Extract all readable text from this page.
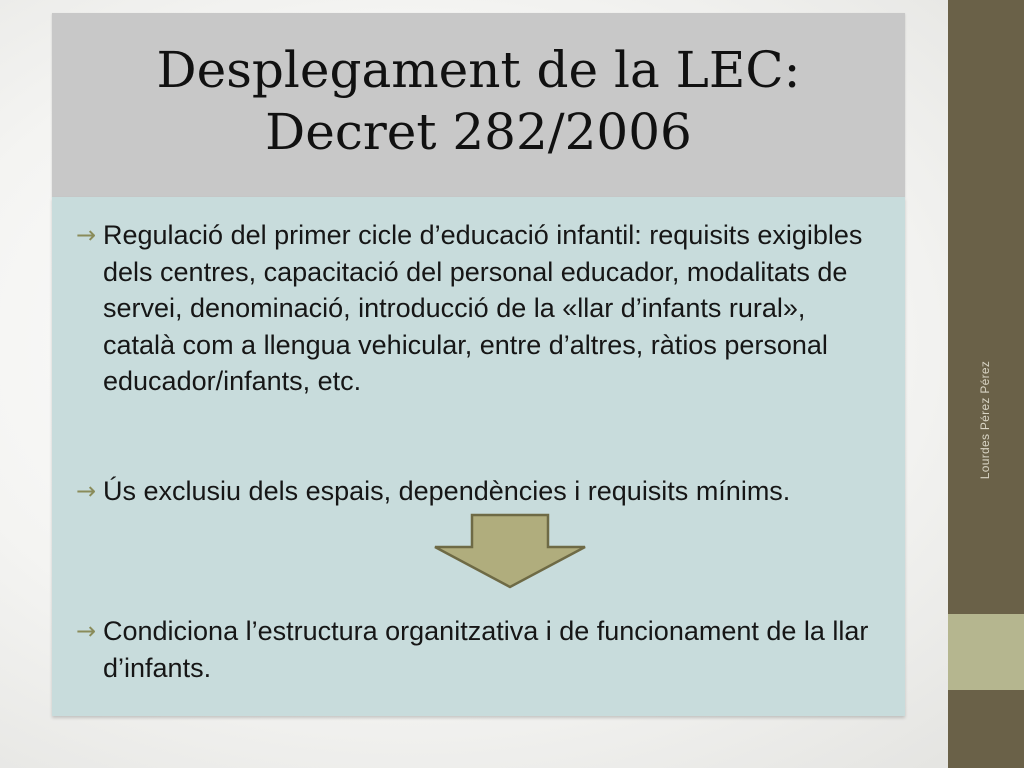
Desplegament de la LEC:
Decret 282/2006
→ Regulació del primer cicle d’educació infantil: requisits exigibles dels centres, capacitació del personal educador, modalitats de servei, denominació, introducció de la «llar d’infants rural», català com a llengua vehicular, entre d’altres, ràtios personal educador/infants, etc.
→ Ús exclusiu dels espais, dependències i requisits mínims.
→ Condiciona l’estructura organitzativa i de funcionament de la llar d’infants.
Lourdes Pérez Pérez
